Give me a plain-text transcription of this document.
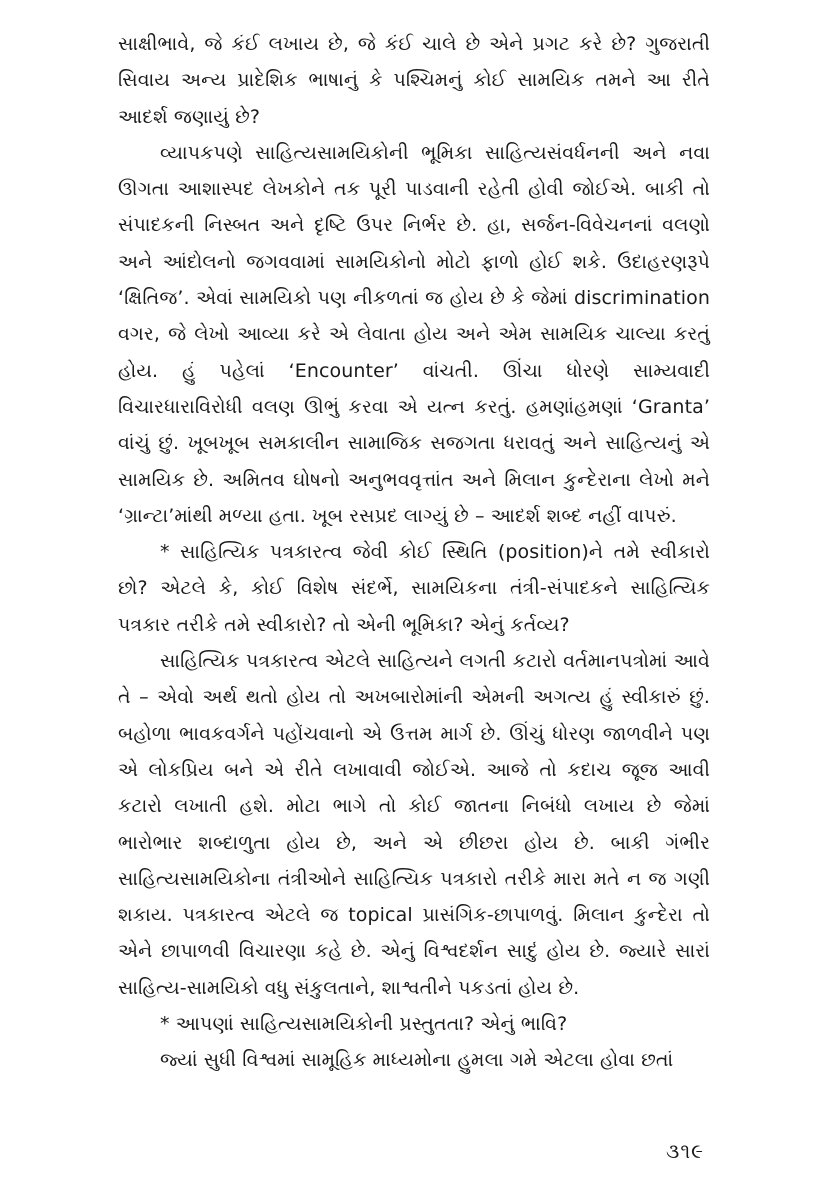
સાક્ષીભાવે, જે કંઈ લખાય છે, જે કંઈ ચાલે છે એને પ્રગટ કરે છે? ગુજરાતી સિવાય અન્ય પ્રાદેશિક ભાષાનું કે પશ્ચિમનું કોઈ સામયિક તમને આ રીતે આદર્શ જણાયું છે?

વ્યાપકપણે સાહિત્યસામયિકોની ભૂમિકા સાહિત્યસંવર્ધનની અને નવા ઊગતા આશાસ્પદ લેખકોને તક પૂરી પાડવાની રહેતી હોવી જોઈએ. બાકી તો સંપાદકની નિસ્બત અને દૃષ્ટિ ઉપર નિર્ભર છે. હા, સર્જન-વિવેચનનાં વલણો અને આંદોલનો જગવવામાં સામયિકોનો મોટો ફાળો હોઈ શકે. ઉદાહરણરૂપે ‘ક્ષિતિજ’. એવાં સામયિકો પણ નીકળતાં જ હોય છે કે જેમાં discrimination વગર, જે લેખો આવ્યા કરે એ લેવાતા હોય અને એમ સામયિક ચાલ્યા કરતું હોય. હું પહેલાં ‘Encounter’ વાંચતી. ઊંચા ધોરણે સામ્યવાદી વિચારધારાવિરોધી વલણ ઊભું કરવા એ યત્ન કરતું. હમણાંહમણાં ‘Granta’ વાંચું છું. ખૂબખૂબ સમકાલીન સામાજિક સજગતા ધરાવતું અને સાહિત્યનું એ સામયિક છે. અમિતવ ઘોષનો અનુભવવૃત્તાંત અને મિલાન કુન્દેરાના લેખો મને ‘ગ્રાન્ટા’માંથી મળ્યા હતા. ખૂબ રસપ્રદ લાગ્યું છે – આદર્શ શબ્દ નહીં વાપરું.

* સાહિત્યિક પત્રકારત્વ જેવી કોઈ સ્થિતિ (position)ને તમે સ્વીકારો છો? એટલે કે, કોઈ વિશેષ સંદર્ભે, સામયિકના તંત્રી-સંપાદકને સાહિત્યિક પત્રકાર તરીકે તમે સ્વીકારો? તો એની ભૂમિકા? એનું કર્તવ્ય?

સાહિત્યિક પત્રકારત્વ એટલે સાહિત્યને લગતી કટારો વર્તમાનપત્રોમાં આવે તે – એવો અર્થ થતો હોય તો અખબારોમાંની એમની અગત્ય હું સ્વીકારું છું. બહોળા ભાવકવર્ગને પહોંચવાનો એ ઉત્તમ માર્ગ છે. ઊંચું ધોરણ જાળવીને પણ એ લોકપ્રિય બને એ રીતે લખાવાવી જોઈએ. આજે તો કદાચ જૂજ આવી કટારો લખાતી હશે. મોટા ભાગે તો કોઈ જાતના નિબંધો લખાય છે જેમાં ભારોભાર શબ્દાળુતા હોય છે, અને એ છીછરા હોય છે. બાકી ગંભીર સાહિત્યસામયિકોના તંત્રીઓને સાહિત્યિક પત્રકારો તરીકે મારા મતે ન જ ગણી શકાય. પત્રકારત્વ એટલે જ topical પ્રાસંગિક-છાપાળવું. મિલાન કુન્દેરા તો એને છાપાળવી વિચારણા કહે છે. એનું વિશ્વદર્શન સાદું હોય છે. જ્યારે સારાં સાહિત્ય-સામયિકો વધુ સંકુલતાને, શાશ્વતીને પકડતાં હોય છે.

* આપણાં સાહિત્યસામયિકોની પ્રસ્તુતતા? એનું ભાવિ?

જ્યાં સુધી વિશ્વમાં સામૂહિક માધ્યમોના હુમલા ગમે એટલા હોવા છતાં

૩૧૯
